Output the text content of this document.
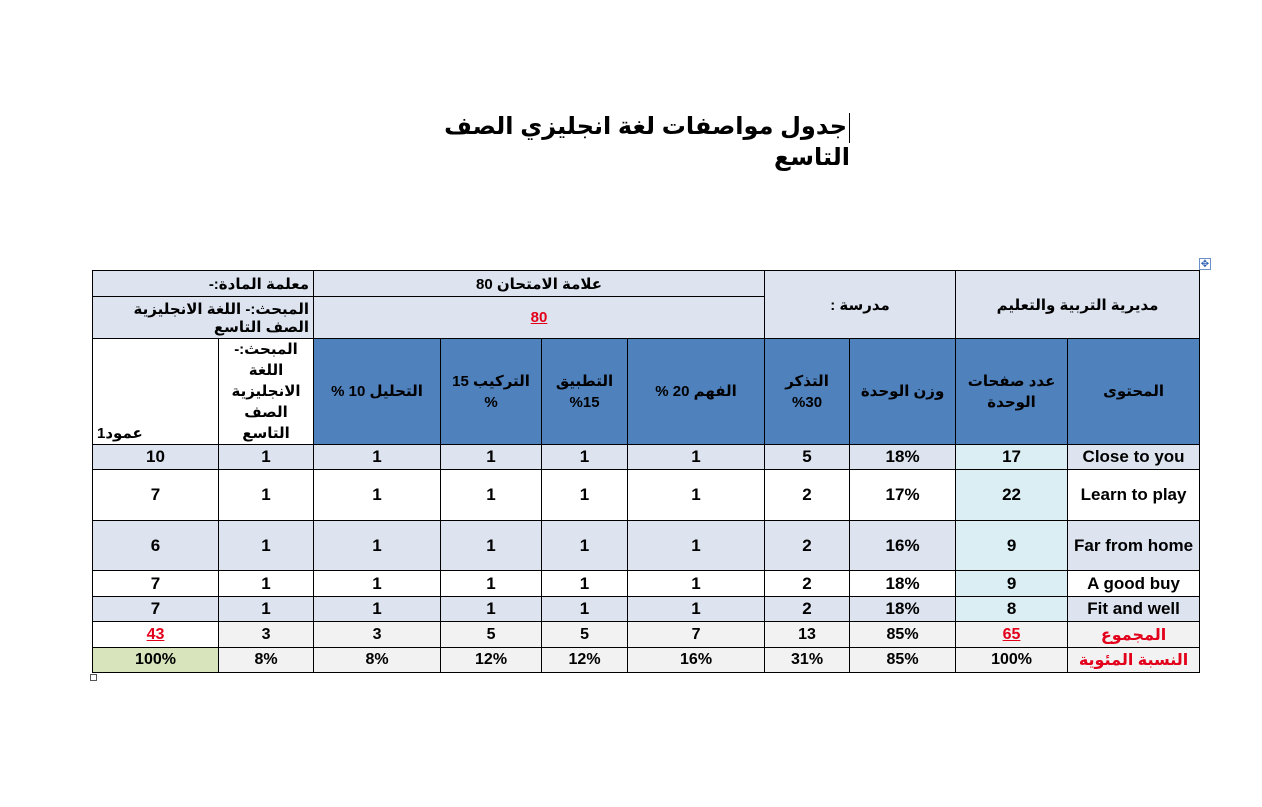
جدول مواصفات لغة انجليزي الصف التاسع
✥
مديرية التربية والتعليم		مدرسة :		علامة الامتحان 80				معلمة المادة:-	
				80				المبحث:- اللغة الانجليزية الصف التاسع	
المحتوى	عدد صفحات الوحدة	وزن الوحدة	التذكر 30%	الفهم 20 %	التطبيق 15%	التركيب 15 %	التحليل 10 %	المبحث:- اللغة الانجليزية الصف التاسع	عمود1
Close to you	17	18%	5	1	1	1	1	1	10
Learn to play	22	17%	2	1	1	1	1	1	7
Far from home	9	16%	2	1	1	1	1	1	6
A good buy	9	18%	2	1	1	1	1	1	7
Fit and well	8	18%	2	1	1	1	1	1	7
المجموع	65	85%	13	7	5	5	3	3	43
النسبة المئوية	100%	85%	31%	16%	12%	12%	8%	8%	100%
